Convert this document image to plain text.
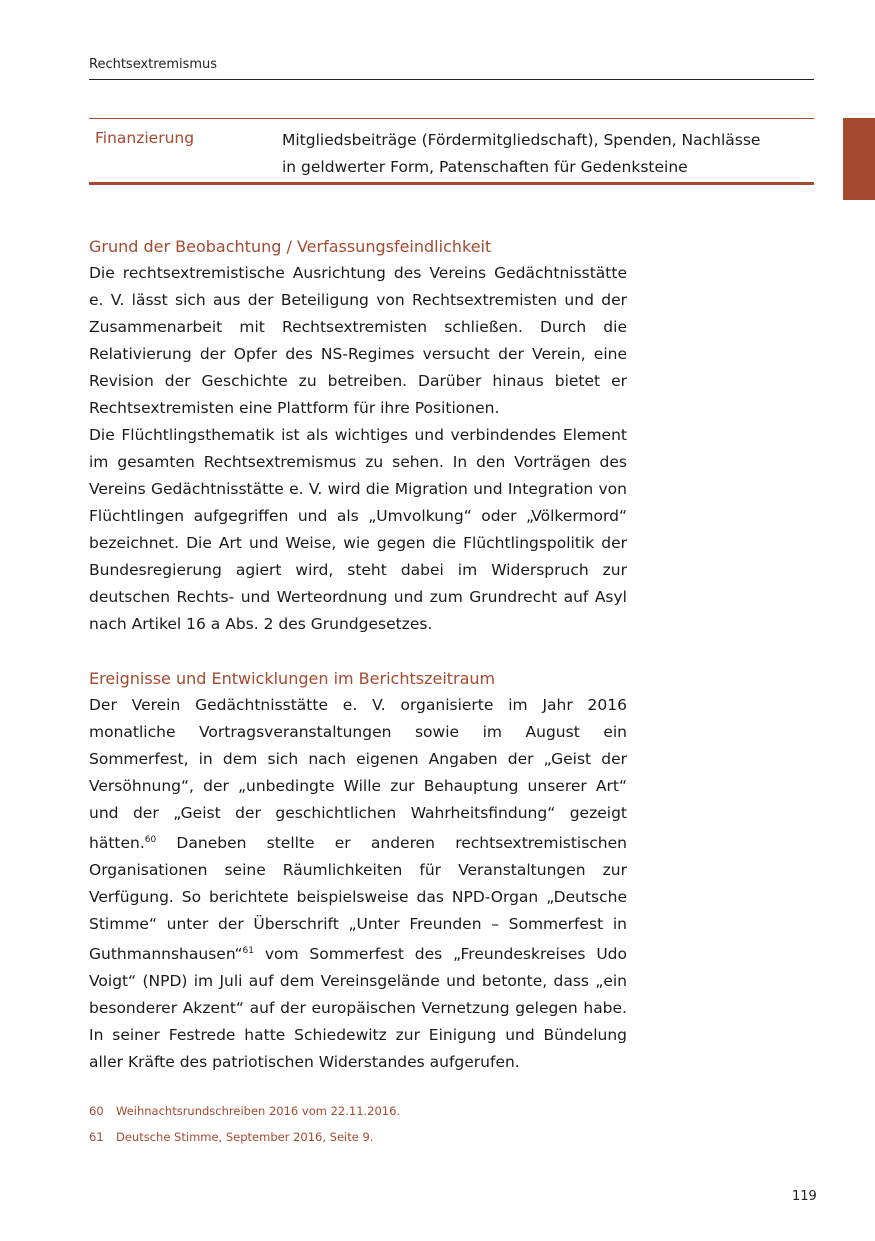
Rechtsextremismus
Finanzierung	Mitgliedsbeiträge (Fördermitgliedschaft), Spenden, Nachlässe
in geldwerter Form, Patenschaften für Gedenksteine
Grund der Beobachtung / Verfassungsfeindlichkeit

Die rechtsextremistische Ausrichtung des Vereins Gedächtnisstätte e. V. lässt sich aus der Beteiligung von Rechtsextremisten und der Zusammenarbeit mit Rechtsextremisten schließen. Durch die Relativierung der Opfer des NS-Regimes versucht der Verein, eine Revision der Geschichte zu betreiben. Darüber hinaus bietet er Rechtsextremisten eine Plattform für ihre Positionen.

Die Flüchtlingsthematik ist als wichtiges und verbindendes Element im gesamten Rechtsextremismus zu sehen. In den Vorträgen des Vereins Gedächtnisstätte e. V. wird die Migration und Integration von Flüchtlingen aufgegriffen und als „Umvolkung“ oder „Völkermord“ bezeichnet. Die Art und Weise, wie gegen die Flüchtlingspolitik der Bundesregierung agiert wird, steht dabei im Widerspruch zur deutschen Rechts- und Werteordnung und zum Grundrecht auf Asyl nach Artikel 16 a Abs. 2 des Grundgesetzes.

Ereignisse und Entwicklungen im Berichtszeitraum

Der Verein Gedächtnisstätte e. V. organisierte im Jahr 2016 monatliche Vortragsveranstaltungen sowie im August ein Sommerfest, in dem sich nach eigenen Angaben der „Geist der Versöhnung“, der „unbedingte Wille zur Behauptung unserer Art“ und der „Geist der geschichtlichen Wahrheitsfindung“ gezeigt hätten.$^{60}$ Daneben stellte er anderen rechtsextremistischen Organisationen seine Räumlichkeiten für Veranstaltungen zur Verfügung. So berichtete beispielsweise das NPD-Organ „Deutsche Stimme“ unter der Überschrift „Unter Freunden – Sommerfest in Guthmannshausen“$^{61}$ vom Sommerfest des „Freundeskreises Udo Voigt“ (NPD) im Juli auf dem Vereinsgelände und betonte, dass „ein besonderer Akzent“ auf der europäischen Vernetzung gelegen habe. In seiner Festrede hatte Schiedewitz zur Einigung und Bündelung aller Kräfte des patriotischen Widerstandes aufgerufen.

60	Weihnachtsrundschreiben 2016 vom 22.11.2016.
61	Deutsche Stimme, September 2016, Seite 9.
119
